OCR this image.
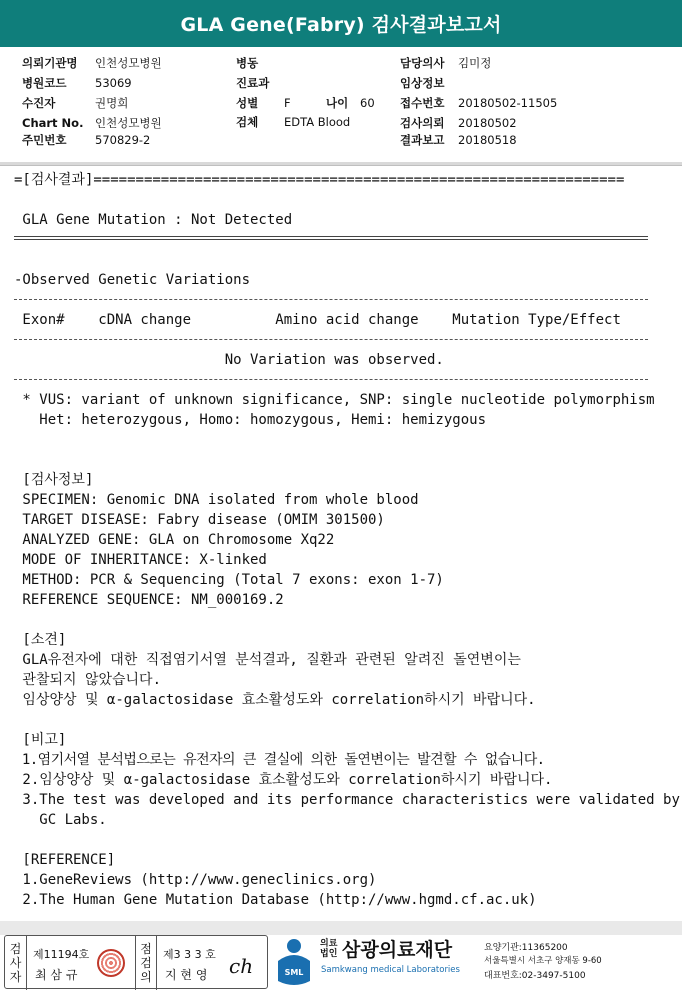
GLA Gene(Fabry) 검사결과보고서
의뢰기관명 인천성모병원
병원코드 53069
수진자	권명희
Chart No. 인천성모병원
주민번호 570829-2
병동
진료과
성별 F	나이 60
검체 EDTA Blood
담당의사 김미정
임상정보
접수번호 20180502-11505
검사의뢰 20180502
결과보고 20180518
=[검사결과]===============================================================
GLA Gene Mutation : Not Detected
-Observed Genetic Variations
Exon#    cDNA change          Amino acid change    Mutation Type/Effect
No Variation was observed.
* VUS: variant of unknown significance, SNP: single nucleotide polymorphism
Het: heterozygous, Homo: homozygous, Hemi: hemizygous
[검사정보]
SPECIMEN: Genomic DNA isolated from whole blood
TARGET DISEASE: Fabry disease (OMIM 301500)
ANALYZED GENE: GLA on Chromosome Xq22
MODE OF INHERITANCE: X-linked
METHOD: PCR & Sequencing (Total 7 exons: exon 1-7)
REFERENCE SEQUENCE: NM_000169.2
[소견]
GLA유전자에 대한 직접염기서열 분석결과, 질환과 관련된 알려진 돌연변이는
관찰되지 않았습니다.
임상양상 및 α-galactosidase 효소활성도와 correlation하시기 바랍니다.
[비고]
1.염기서열 분석법으로는 유전자의 큰 결실에 의한 돌연변이는 발견할 수 없습니다.
2.임상양상 및 α-galactosidase 효소활성도와 correlation하시기 바랍니다.
3.The test was developed and its performance characteristics were validated by
GC Labs.
[REFERENCE]
1.GeneReviews (http://www.geneclinics.org)
2.The Human Gene Mutation Database (http://www.hgmd.cf.ac.uk)
검
사
자
제11194호
최 삼 규
점
검
의
제3 3 3 호
지 현 영 ch	SML
의료
법인 삼광의료재단
Samkwang medical Laboratories
요양기관:11365200
서울특별시 서초구 양재동 9-60
대표번호:02-3497-5100
